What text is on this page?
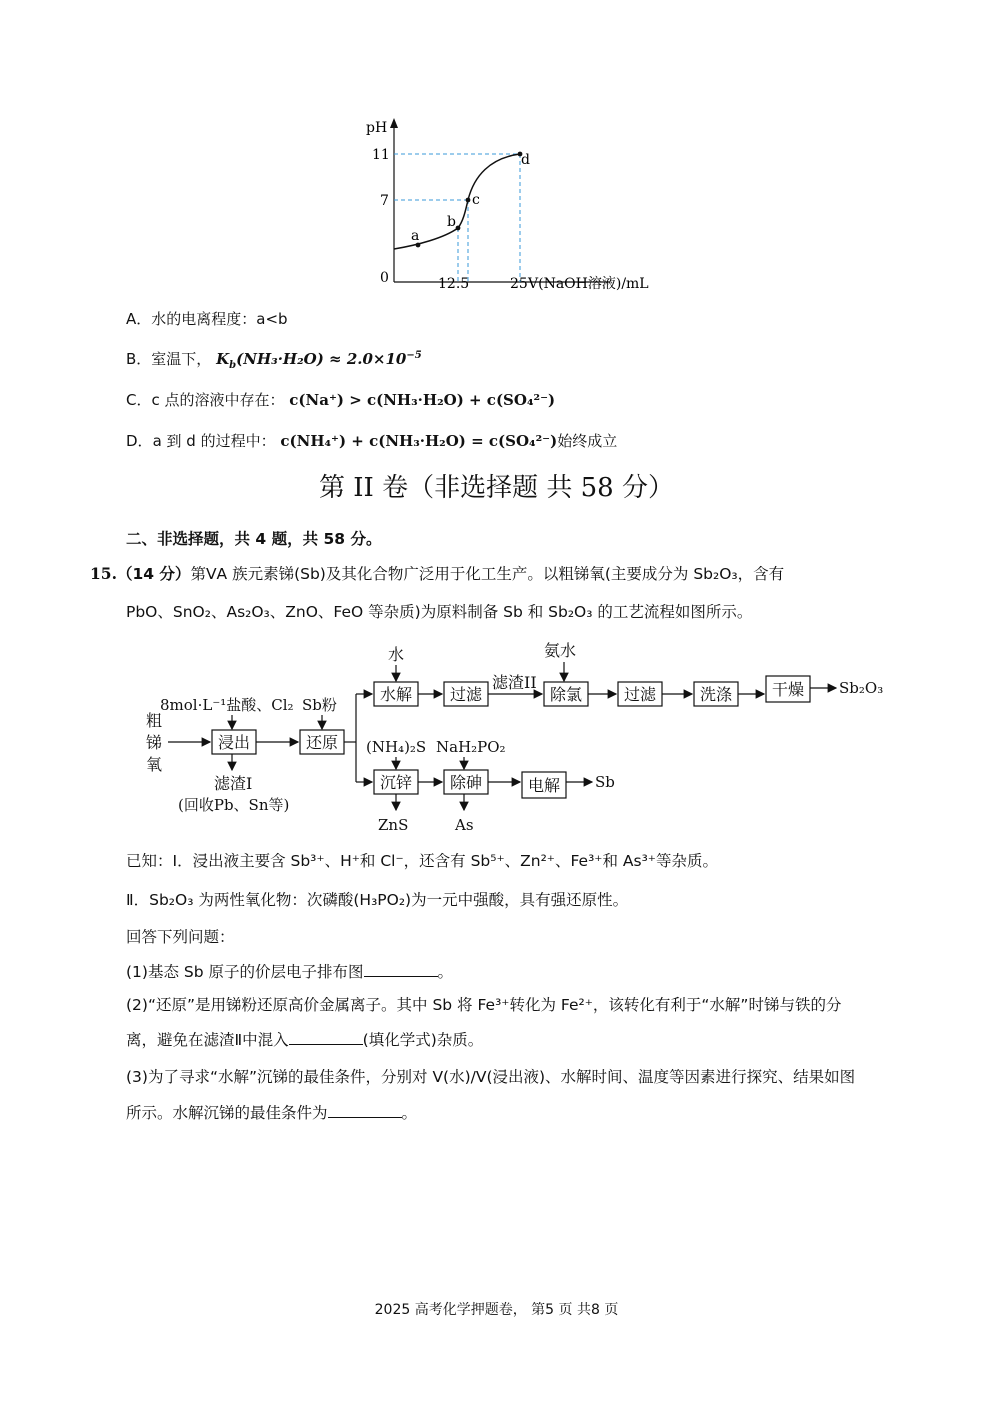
pH
11
7
0	12.5	25 V(NaOH溶液)/mL
a
b
c
d
A．水的电离程度：a<b
B．室温下， $K_b(NH_3\cdot H_2O) \approx 2.0\times 10^{-5}$
C．c 点的溶液中存在： c(Na⁺) > c(NH₃·H₂O) + c(SO₄²⁻)
D．a 到 d 的过程中： c(NH₄⁺) + c(NH₃·H₂O) = c(SO₄²⁻)始终成立
第 II 卷（非选择题 共 58 分）
二、非选择题，共 4 题，共 58 分。
15.（14 分）第ⅤA 族元素锑(Sb)及其化合物广泛用于化工生产。以粗锑氧(主要成分为 Sb₂O₃，含有
PbO、SnO₂、As₂O₃、ZnO、FeO 等杂质)为原料制备 Sb 和 Sb₂O₃ 的工艺流程如图所示。
粗
锑
氧
8mol·L⁻¹盐酸、Cl₂
浸出
滤渣I
(回收Pb、Sn等)
Sb粉
还原
水
水解 过滤
滤渣II
氨水
除氯	过滤	洗涤 干燥 Sb₂O₃
(NH₄)₂S
沉锌
ZnS
NaH₂PO₂
除砷
As
电解 Sb
已知：Ⅰ．浸出液主要含 Sb³⁺、H⁺和 Cl⁻，还含有 Sb⁵⁺、Zn²⁺、Fe³⁺和 As³⁺等杂质。
Ⅱ．Sb₂O₃ 为两性氧化物：次磷酸(H₃PO₂)为一元中强酸，具有强还原性。
回答下列问题：
(1)基态 Sb 原子的价层电子排布图	。
(2)“还原”是用锑粉还原高价金属离子。其中 Sb 将 Fe³⁺转化为 Fe²⁺，该转化有利于“水解”时锑与铁的分
离，避免在滤渣Ⅱ中混入	(填化学式)杂质。
(3)为了寻求“水解”沉锑的最佳条件，分别对 V(水)/V(浸出液)、水解时间、温度等因素进行探究、结果如图
所示。水解沉锑的最佳条件为	。
2025 高考化学押题卷， 第5 页 共8 页
